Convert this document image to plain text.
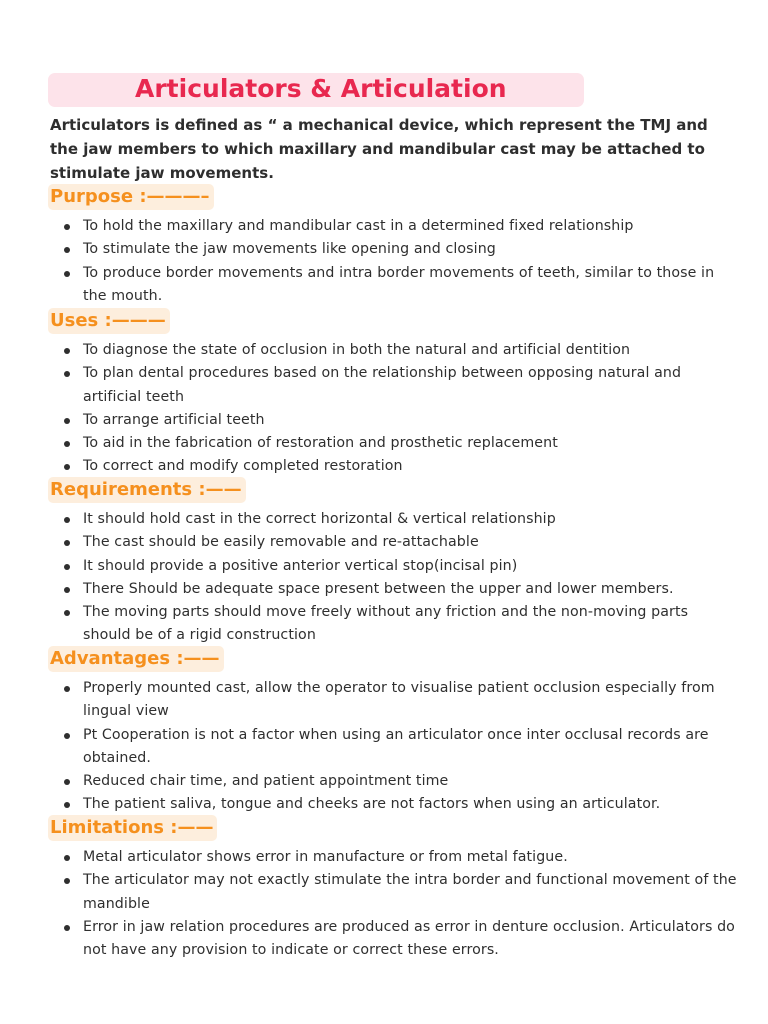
Articulators & Articulation

Articulators is defined as “ a mechanical device, which represent the TMJ and the jaw members to which maxillary and mandibular cast may be attached to stimulate jaw movements.

Purpose :———–
To hold the maxillary and mandibular cast in a determined fixed relationship
To stimulate the jaw movements like opening and closing
To produce border movements and intra border movements of teeth, similar to those in the mouth.
Uses :———
To diagnose the state of occlusion in both the natural and artificial dentition
To plan dental procedures based on the relationship between opposing natural and artificial teeth
To arrange artificial teeth
To aid in the fabrication of restoration and prosthetic replacement
To correct and modify completed restoration
Requirements :——
It should hold cast in the correct horizontal & vertical relationship
The cast should be easily removable and re-attachable
It should provide a positive anterior vertical stop(incisal pin)
There Should be adequate space present between the upper and lower members.
The moving parts should move freely without any friction and the non-moving parts should be of a rigid construction
Advantages :——
Properly mounted cast, allow the operator to visualise patient occlusion especially from lingual view
Pt Cooperation is not a factor when using an articulator once inter occlusal records are obtained.
Reduced chair time, and patient appointment time
The patient saliva, tongue and cheeks are not factors when using an articulator.
Limitations :——
Metal articulator shows error in manufacture or from metal fatigue.
The articulator may not exactly stimulate the intra border and functional movement of the mandible
Error in jaw relation procedures are produced as error in denture occlusion. Articulators do not have any provision to indicate or correct these errors.
